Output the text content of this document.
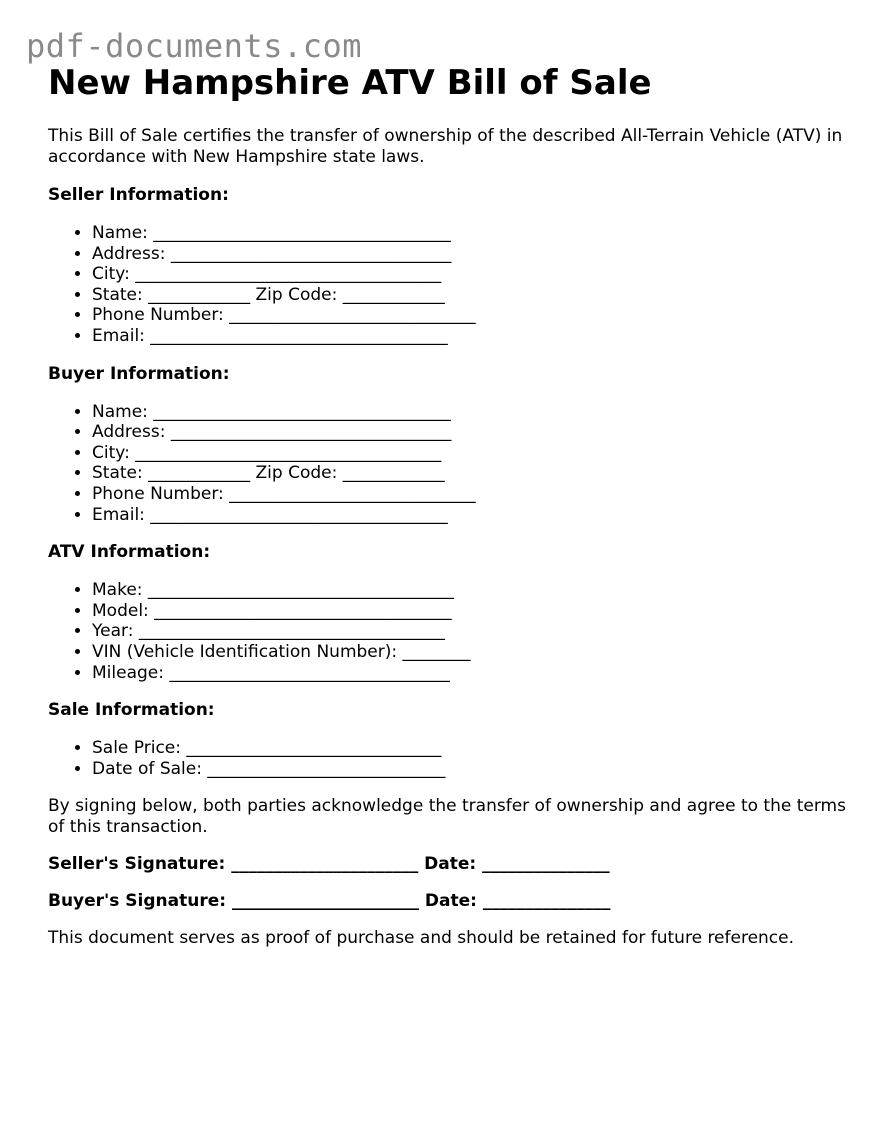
pdf-documents.com
New Hampshire ATV Bill of Sale

This Bill of Sale certifies the transfer of ownership of the described All-Terrain Vehicle (ATV) in accordance with New Hampshire state laws.

Seller Information:
• Name: ___________________________________
• Address: _________________________________
• City: ____________________________________
• State: ____________ Zip Code: ____________
• Phone Number: _____________________________
• Email: ___________________________________
Buyer Information:
• Name: ___________________________________
• Address: _________________________________
• City: ____________________________________
• State: ____________ Zip Code: ____________
• Phone Number: _____________________________
• Email: ___________________________________
ATV Information:
• Make: ____________________________________
• Model: ___________________________________
• Year: ____________________________________
• VIN (Vehicle Identification Number): ________
• Mileage: _________________________________
Sale Information:
• Sale Price: ______________________________
• Date of Sale: ____________________________

By signing below, both parties acknowledge the transfer of ownership and agree to the terms of this transaction.

Seller's Signature: ______________________ Date: _______________

Buyer's Signature: ______________________ Date: _______________

This document serves as proof of purchase and should be retained for future reference.
